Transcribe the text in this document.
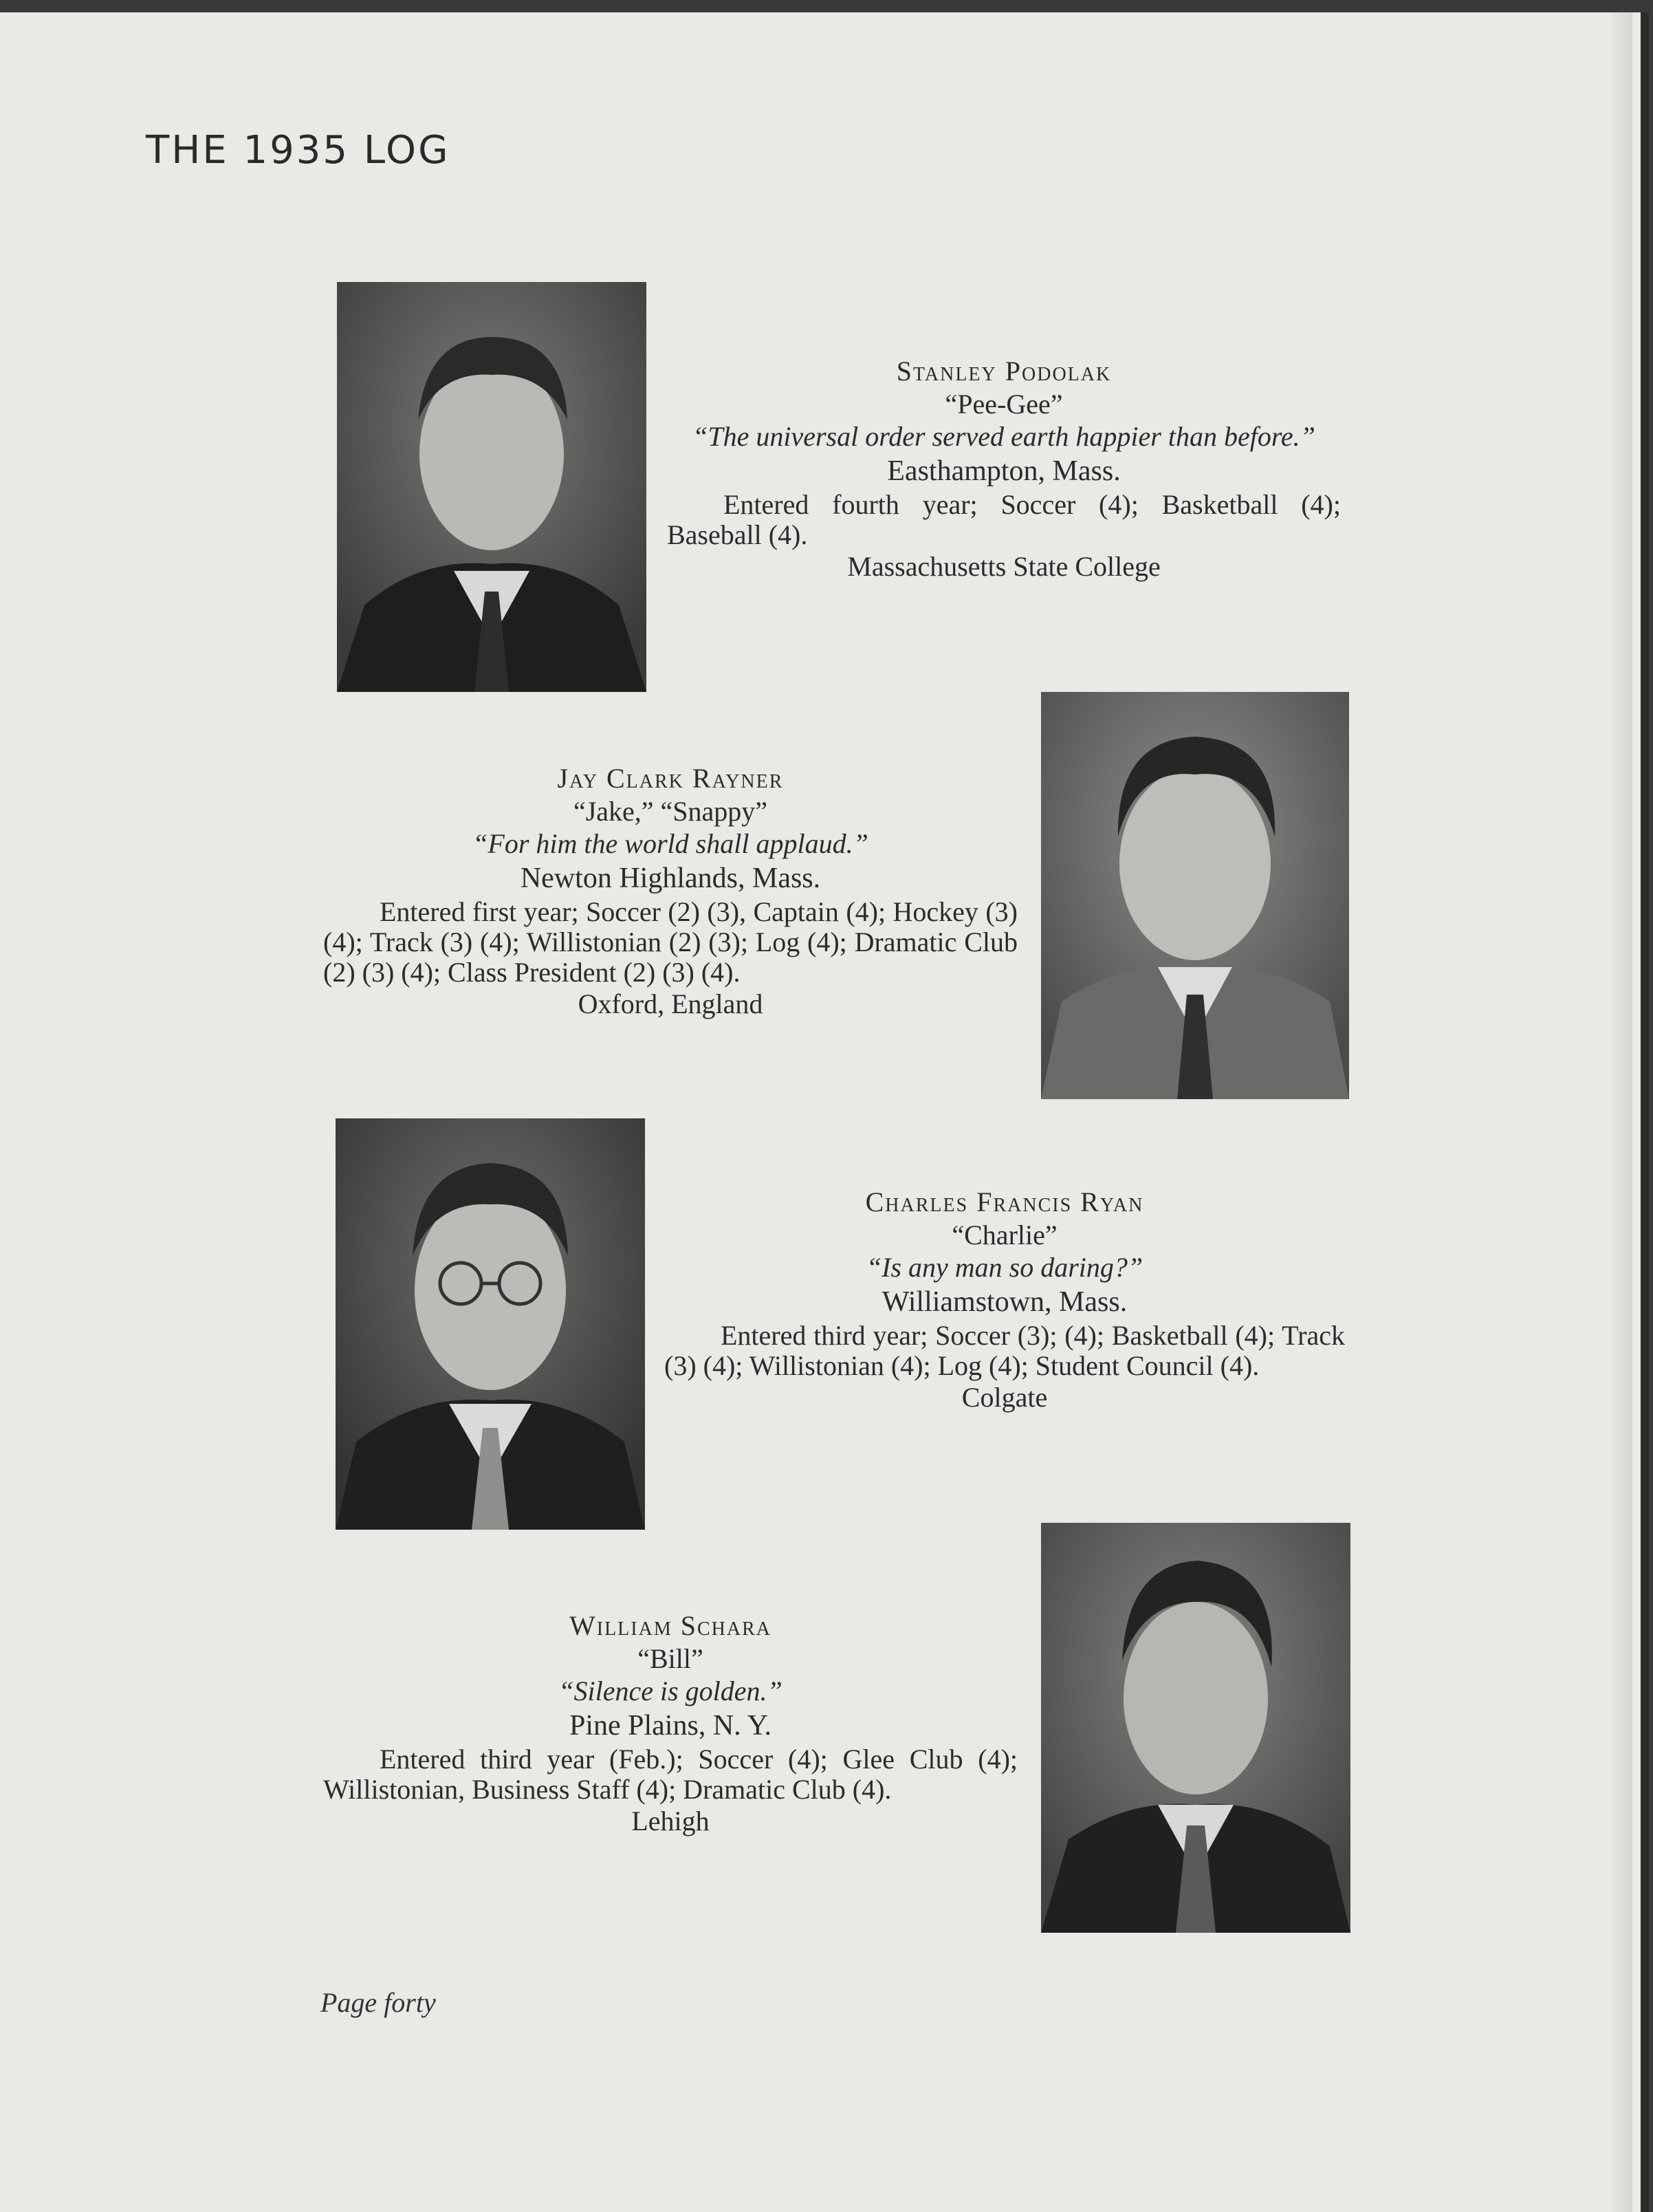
THE 1935 LOG
Stanley Podolak
“Pee-Gee”
“The universal order served earth happier than before.”
Easthampton, Mass.
Entered fourth year; Soccer (4); Basketball (4); Baseball (4).
Massachusetts State College
Jay Clark Rayner
“Jake,” “Snappy”
“For him the world shall applaud.”
Newton Highlands, Mass.
Entered first year; Soccer (2) (3), Captain (4); Hockey (3) (4); Track (3) (4); Willistonian (2) (3); Log (4); Dramatic Club (2) (3) (4); Class President (2) (3) (4).
Oxford, England
Charles Francis Ryan
“Charlie”
“Is any man so daring?”
Williamstown, Mass.
Entered third year; Soccer (3); (4); Basketball (4); Track (3) (4); Willistonian (4); Log (4); Student Council (4).
Colgate
William Schara
“Bill”
“Silence is golden.”
Pine Plains, N. Y.
Entered third year (Feb.); Soccer (4); Glee Club (4); Willistonian, Business Staff (4); Dramatic Club (4).
Lehigh
Page forty
